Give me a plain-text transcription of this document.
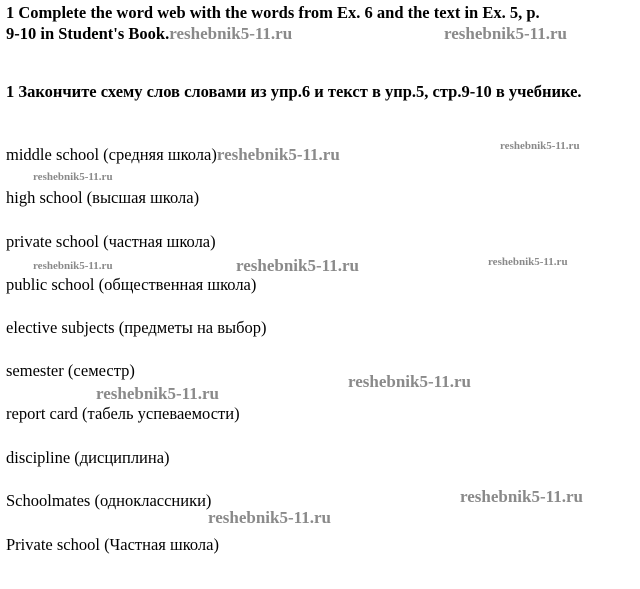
1 Complete the word web with the words from Ex. 6 and the text in Ex. 5, p.
9-10 in Student's Book.reshebnik5-11.ru	reshebnik5-11.ru

1 Закончите схему слов словами из упр.6 и текст в упр.5, стр.9-10 в учебнике.

middle school (средняя школа)reshebnik5-11.ru	reshebnik5-11.ru
reshebnik5-11.ru
high school (высшая школа)
private school (частная школа)
reshebnik5-11.ru	reshebnik5-11.ru	reshebnik5-11.ru
public school (общественная школа)
elective subjects (предметы на выбор)
semester (семестр)
reshebnik5-11.ru
reshebnik5-11.ru
report card (табель успеваемости)
discipline (дисциплина)
Schoolmates (одноклассники)	reshebnik5-11.ru
reshebnik5-11.ru
Private school (Частная школа)
